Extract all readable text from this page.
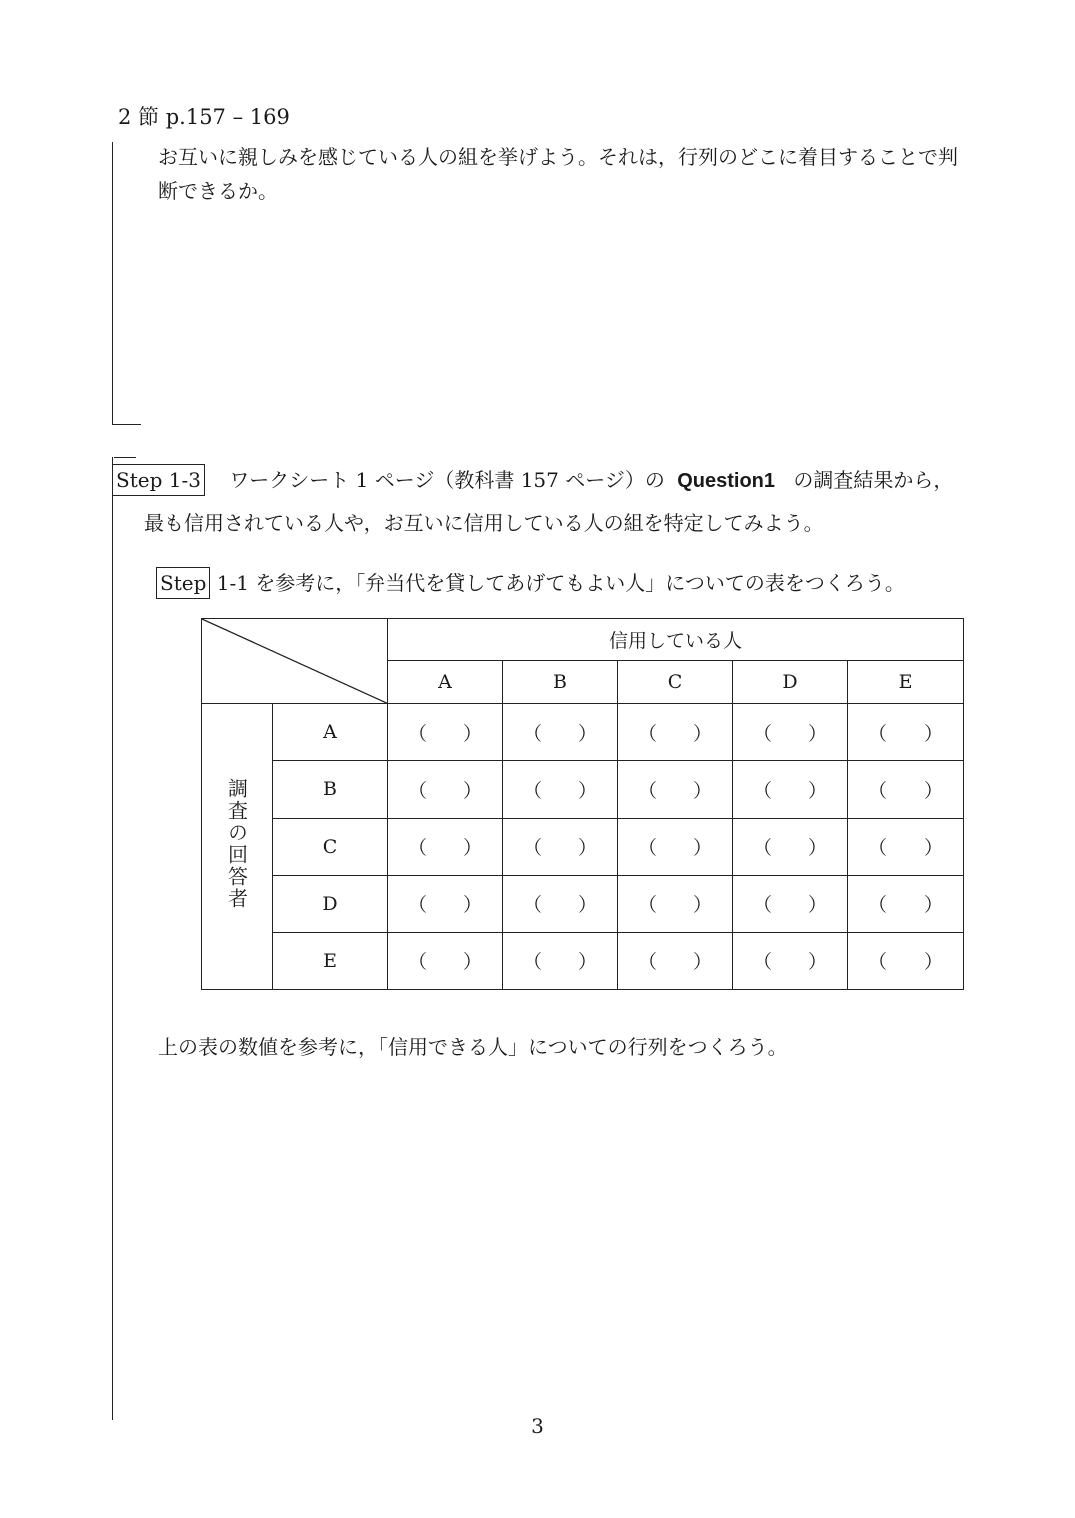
2 節 p.157 – 169
お互いに親しみを感じている人の組を挙げよう。それは，行列のどこに着目することで判断できるか。
Step 1-3 ワークシート 1 ページ（教科書 157 ページ）の Question1 の調査結果から，
最も信用されている人や，お互いに信用している人の組を特定してみよう。
Step 1-1 を参考に，「弁当代を貸してあげてもよい人」についての表をつくろう。
	信用している人				
		A	B	C	D	E
調査の回答者	A	（ ）	（ ）	（ ）	（ ）	（ ）

	B	（ ）	（ ）	（ ）	（ ）	（ ）

	C	（ ）	（ ）	（ ）	（ ）	（ ）

	D	（ ）	（ ）	（ ）	（ ）	（ ）

	E	（ ）	（ ）	（ ）	（ ）	（ ）
上の表の数値を参考に，「信用できる人」についての行列をつくろう。
3
